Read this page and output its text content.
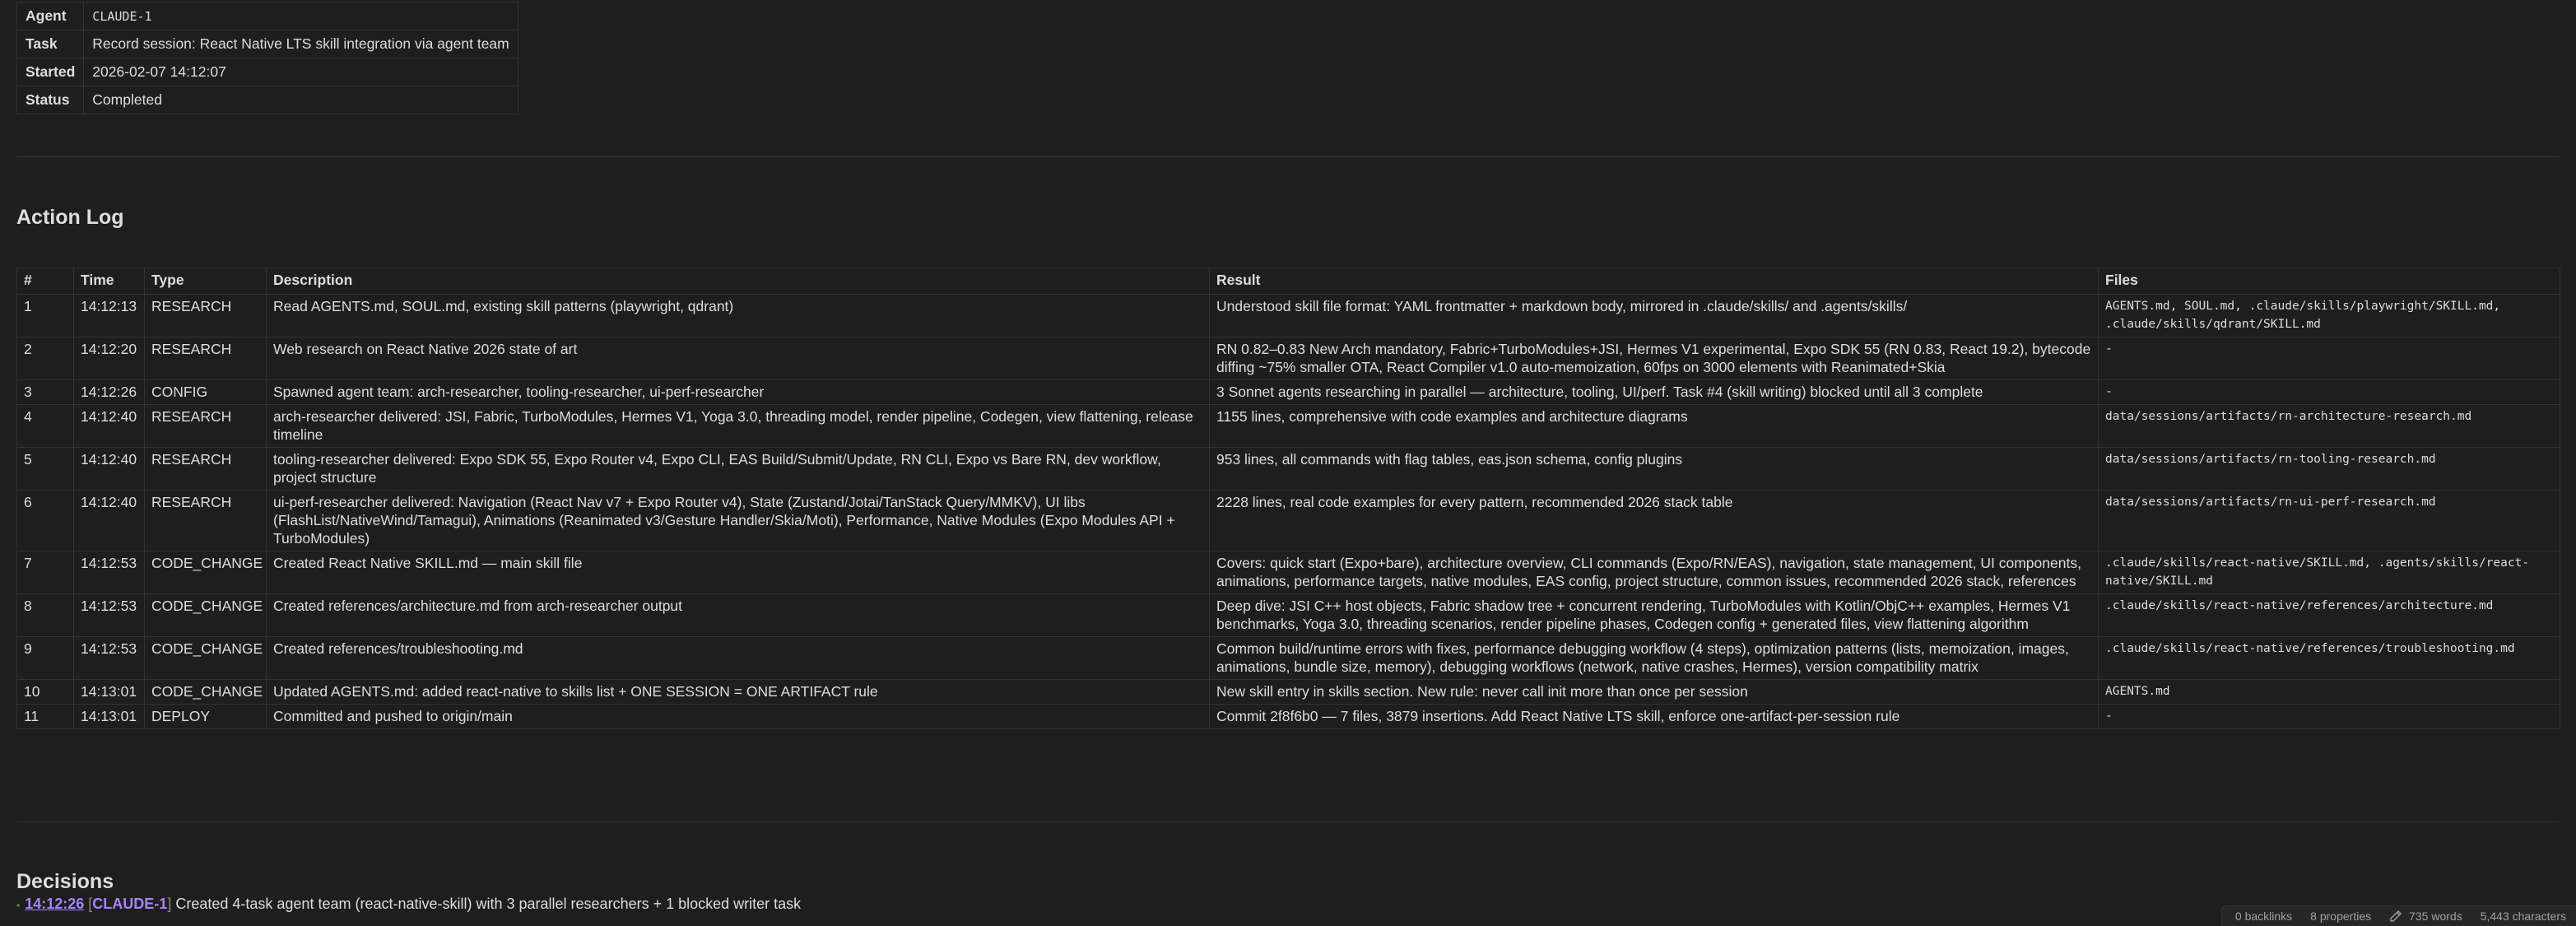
Agent	CLAUDE-1
Task	Record session: React Native LTS skill integration via agent team
Started	2026-02-07 14:12:07
Status	Completed
Action Log
#	Time	Type	Description	Result	Files
1	14:12:13	RESEARCH	Read AGENTS.md, SOUL.md, existing skill patterns (playwright, qdrant)	Understood skill file format: YAML frontmatter + markdown body, mirrored in .claude/skills/ and .agents/skills/	AGENTS.md, SOUL.md, .claude/skills/playwright/SKILL.md, .claude/skills/qdrant/SKILL.md
2	14:12:20	RESEARCH	Web research on React Native 2026 state of art	RN 0.82–0.83 New Arch mandatory, Fabric+TurboModules+JSI, Hermes V1 experimental, Expo SDK 55 (RN 0.83, React 19.2), bytecode diffing ~75% smaller OTA, React Compiler v1.0 auto-memoization, 60fps on 3000 elements with Reanimated+Skia	-
3	14:12:26	CONFIG	Spawned agent team: arch-researcher, tooling-researcher, ui-perf-researcher	3 Sonnet agents researching in parallel — architecture, tooling, UI/perf. Task #4 (skill writing) blocked until all 3 complete	-
4	14:12:40	RESEARCH	arch-researcher delivered: JSI, Fabric, TurboModules, Hermes V1, Yoga 3.0, threading model, render pipeline, Codegen, view flattening, release timeline	1155 lines, comprehensive with code examples and architecture diagrams	data/sessions/artifacts/rn-architecture-research.md
5	14:12:40	RESEARCH	tooling-researcher delivered: Expo SDK 55, Expo Router v4, Expo CLI, EAS Build/Submit/Update, RN CLI, Expo vs Bare RN, dev workflow, project structure	953 lines, all commands with flag tables, eas.json schema, config plugins	data/sessions/artifacts/rn-tooling-research.md
6	14:12:40	RESEARCH	ui-perf-researcher delivered: Navigation (React Nav v7 + Expo Router v4), State (Zustand/Jotai/TanStack Query/MMKV), UI libs (FlashList/NativeWind/Tamagui), Animations (Reanimated v3/Gesture Handler/Skia/Moti), Performance, Native Modules (Expo Modules API + TurboModules)	2228 lines, real code examples for every pattern, recommended 2026 stack table	data/sessions/artifacts/rn-ui-perf-research.md
7	14:12:53	CODE_CHANGE	Created React Native SKILL.md — main skill file	Covers: quick start (Expo+bare), architecture overview, CLI commands (Expo/RN/EAS), navigation, state management, UI components, animations, performance targets, native modules, EAS config, project structure, common issues, recommended 2026 stack, references	.claude/skills/react-native/SKILL.md, .agents/skills/react-native/SKILL.md
8	14:12:53	CODE_CHANGE	Created references/architecture.md from arch-researcher output	Deep dive: JSI C++ host objects, Fabric shadow tree + concurrent rendering, TurboModules with Kotlin/ObjC++ examples, Hermes V1 benchmarks, Yoga 3.0, threading scenarios, render pipeline phases, Codegen config + generated files, view flattening algorithm	.claude/skills/react-native/references/architecture.md
9	14:12:53	CODE_CHANGE	Created references/troubleshooting.md	Common build/runtime errors with fixes, performance debugging workflow (4 steps), optimization patterns (lists, memoization, images, animations, bundle size, memory), debugging workflows (network, native crashes, Hermes), version compatibility matrix	.claude/skills/react-native/references/troubleshooting.md
10	14:13:01	CODE_CHANGE	Updated AGENTS.md: added react-native to skills list + ONE SESSION = ONE ARTIFACT rule	New skill entry in skills section. New rule: never call init more than once per session	AGENTS.md
11	14:13:01	DEPLOY	Committed and pushed to origin/main	Commit 2f8f6b0 — 7 files, 3879 insertions. Add React Native LTS skill, enforce one-artifact-per-session rule	-
Decisions
• 14:12:26 [CLAUDE-1] Created 4-task agent team (react-native-skill) with 3 parallel researchers + 1 blocked writer task
0 backlinks 8 properties	735 words 5,443 characters
